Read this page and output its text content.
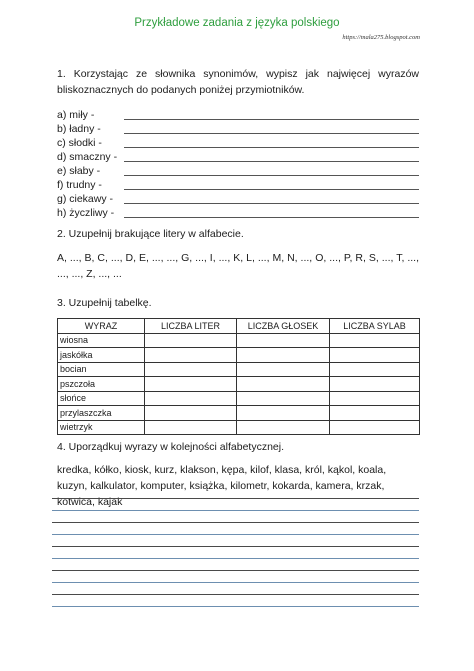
Przykładowe zadania z języka polskiego
https://mala275.blogspot.com
1. Korzystając ze słownika synonimów, wypisz jak najwięcej wyrazów bliskoznacznych do podanych poniżej przymiotników.
a) miły -
b) ładny -
c) słodki -
d) smaczny -
e) słaby -
f) trudny -
g) ciekawy -
h) życzliwy -
2. Uzupełnij brakujące litery w alfabecie.
A, ..., B, C, ..., D, E, ..., ..., G, ..., I, ..., K, L, ..., M, N, ..., O, ..., P, R, S, ..., T, ..., ..., ..., Z, ..., ...
3. Uzupełnij tabelkę.
WYRAZ	LICZBA LITER	LICZBA GŁOSEK	LICZBA SYLAB
wiosna			
jaskółka			
bocian			
pszczoła			
słońce			
przylaszczka			
wietrzyk			
4. Uporządkuj wyrazy w kolejności alfabetycznej.
kredka, kółko, kiosk, kurz, klakson, kępa, kilof, klasa, król, kąkol, koala, kuzyn, kalkulator, komputer, książka, kilometr, kokarda, kamera, krzak, kotwica, kajak
